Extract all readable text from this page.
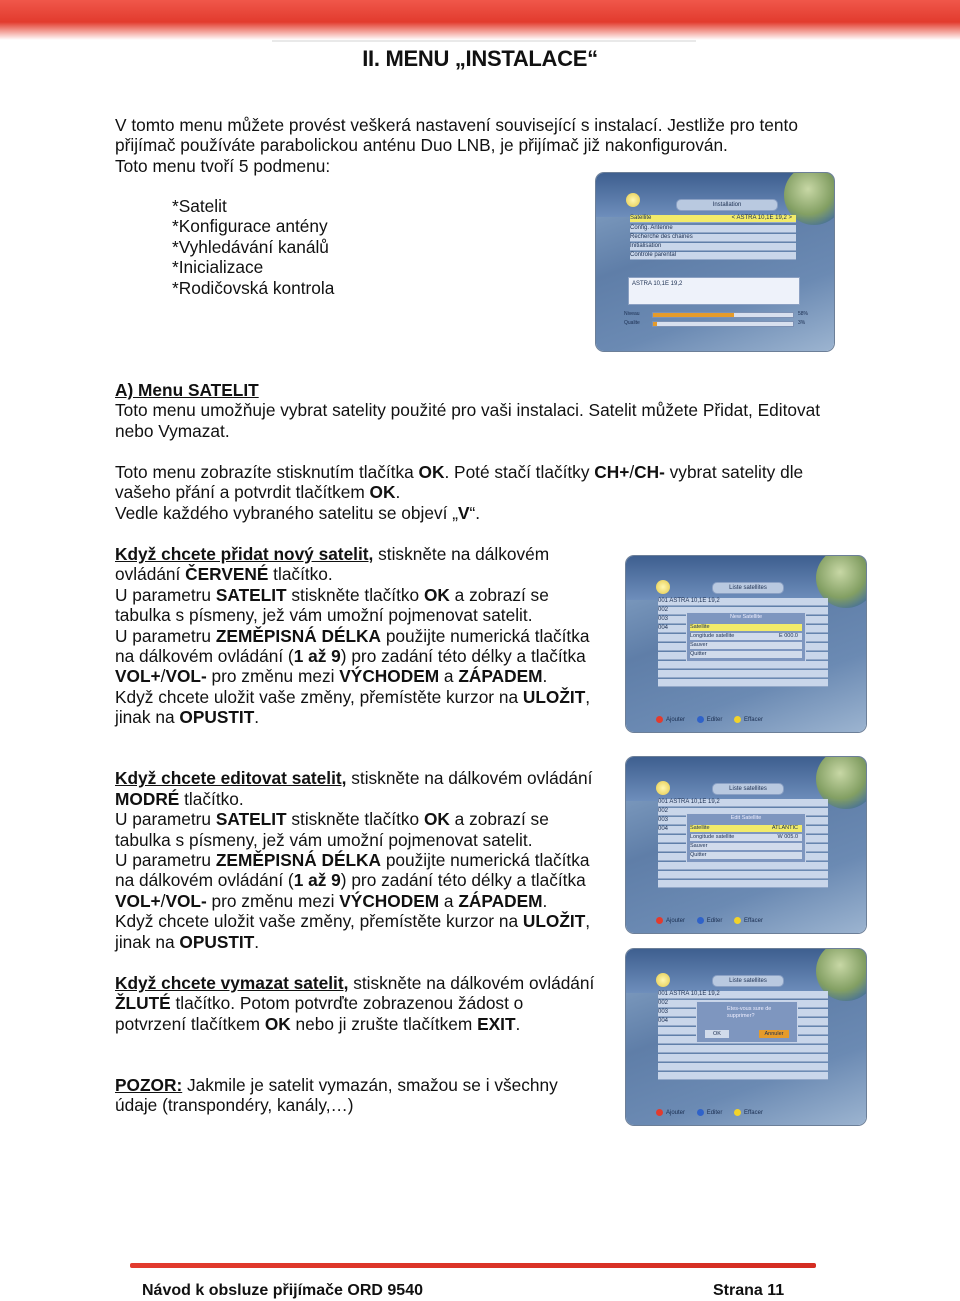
II. MENU „INSTALACE“
V tomto menu můžete provést veškerá nastavení související s instalací. Jestliže pro tento
přijímač používáte parabolickou anténu Duo LNB, je přijímač již nakonfigurován.
Toto menu tvoří 5 podmenu:
*Satelit
*Konfigurace antény
*Vyhledávání kanálů
*Inicializace
*Rodičovská kontrola
Installation
Satellite	< ASTRA 10,1E 19,2 >
Config. Antenne
Recherche des chaines
Initialisation
Controle parental
ASTRA 10,1E 19,2
Niveau	58%
Qualite	3%
A) Menu SATELIT
Toto menu umožňuje vybrat satelity použité pro vaši instalaci. Satelit můžete Přidat, Editovat
nebo Vymazat.
Toto menu zobrazíte stisknutím tlačítka OK. Poté stačí tlačítky CH+/CH- vybrat satelity dle
vašeho přání a potvrdit tlačítkem OK.
Vedle každého vybraného satelitu se objeví „V“.
Když chcete přidat nový satelit, stiskněte na dálkovém
ovládání ČERVENÉ tlačítko.
U parametru SATELIT stiskněte tlačítko OK a zobrazí se
tabulka s písmeny, jež vám umožní pojmenovat satelit.
U parametru ZEMĚPISNÁ DÉLKA použijte numerická tlačítka
na dálkovém ovládání (1 až 9) pro zadání této délky a tlačítka
VOL+/VOL- pro změnu mezi VÝCHODEM a ZÁPADEM.
Když chcete uložit vaše změny, přemístěte kurzor na ULOŽIT,
jinak na OPUSTIT.
Liste satellites
001 ASTRA 10,1E 19,2
002
003
004
New Satellite
Satellite
Longitude satellite	E 000.0
Sauver
Quitter
Ajouter	Editer	Effacer
Když chcete editovat satelit, stiskněte na dálkovém ovládání
MODRÉ tlačítko.
U parametru SATELIT stiskněte tlačítko OK a zobrazí se
tabulka s písmeny, jež vám umožní pojmenovat satelit.
U parametru ZEMĚPISNÁ DÉLKA použijte numerická tlačítka
na dálkovém ovládání (1 až 9) pro zadání této délky a tlačítka
VOL+/VOL- pro změnu mezi VÝCHODEM a ZÁPADEM.
Když chcete uložit vaše změny, přemístěte kurzor na ULOŽIT,
jinak na OPUSTIT.
Liste satellites
001 ASTRA 10,1E 19,2
002
003
004
Edit Satellite
Satellite	ATLANTIC
Longitude satellite	W 005.0
Sauver
Quitter
Ajouter	Editer	Effacer
Když chcete vymazat satelit, stiskněte na dálkovém ovládání
ŽLUTÉ tlačítko. Potom potvrďte zobrazenou žádost o
potvrzení tlačítkem OK nebo ji zrušte tlačítkem EXIT.
Liste satellites
001 ASTRA 10,1E 19,2
002
003
004
Etes-vous sure de supprimer?
OK	Annuler
Ajouter	Editer	Effacer
POZOR: Jakmile je satelit vymazán, smažou se i všechny
údaje (transpondéry, kanály,…)
Návod k obsluze přijímače ORD 9540	Strana 11
